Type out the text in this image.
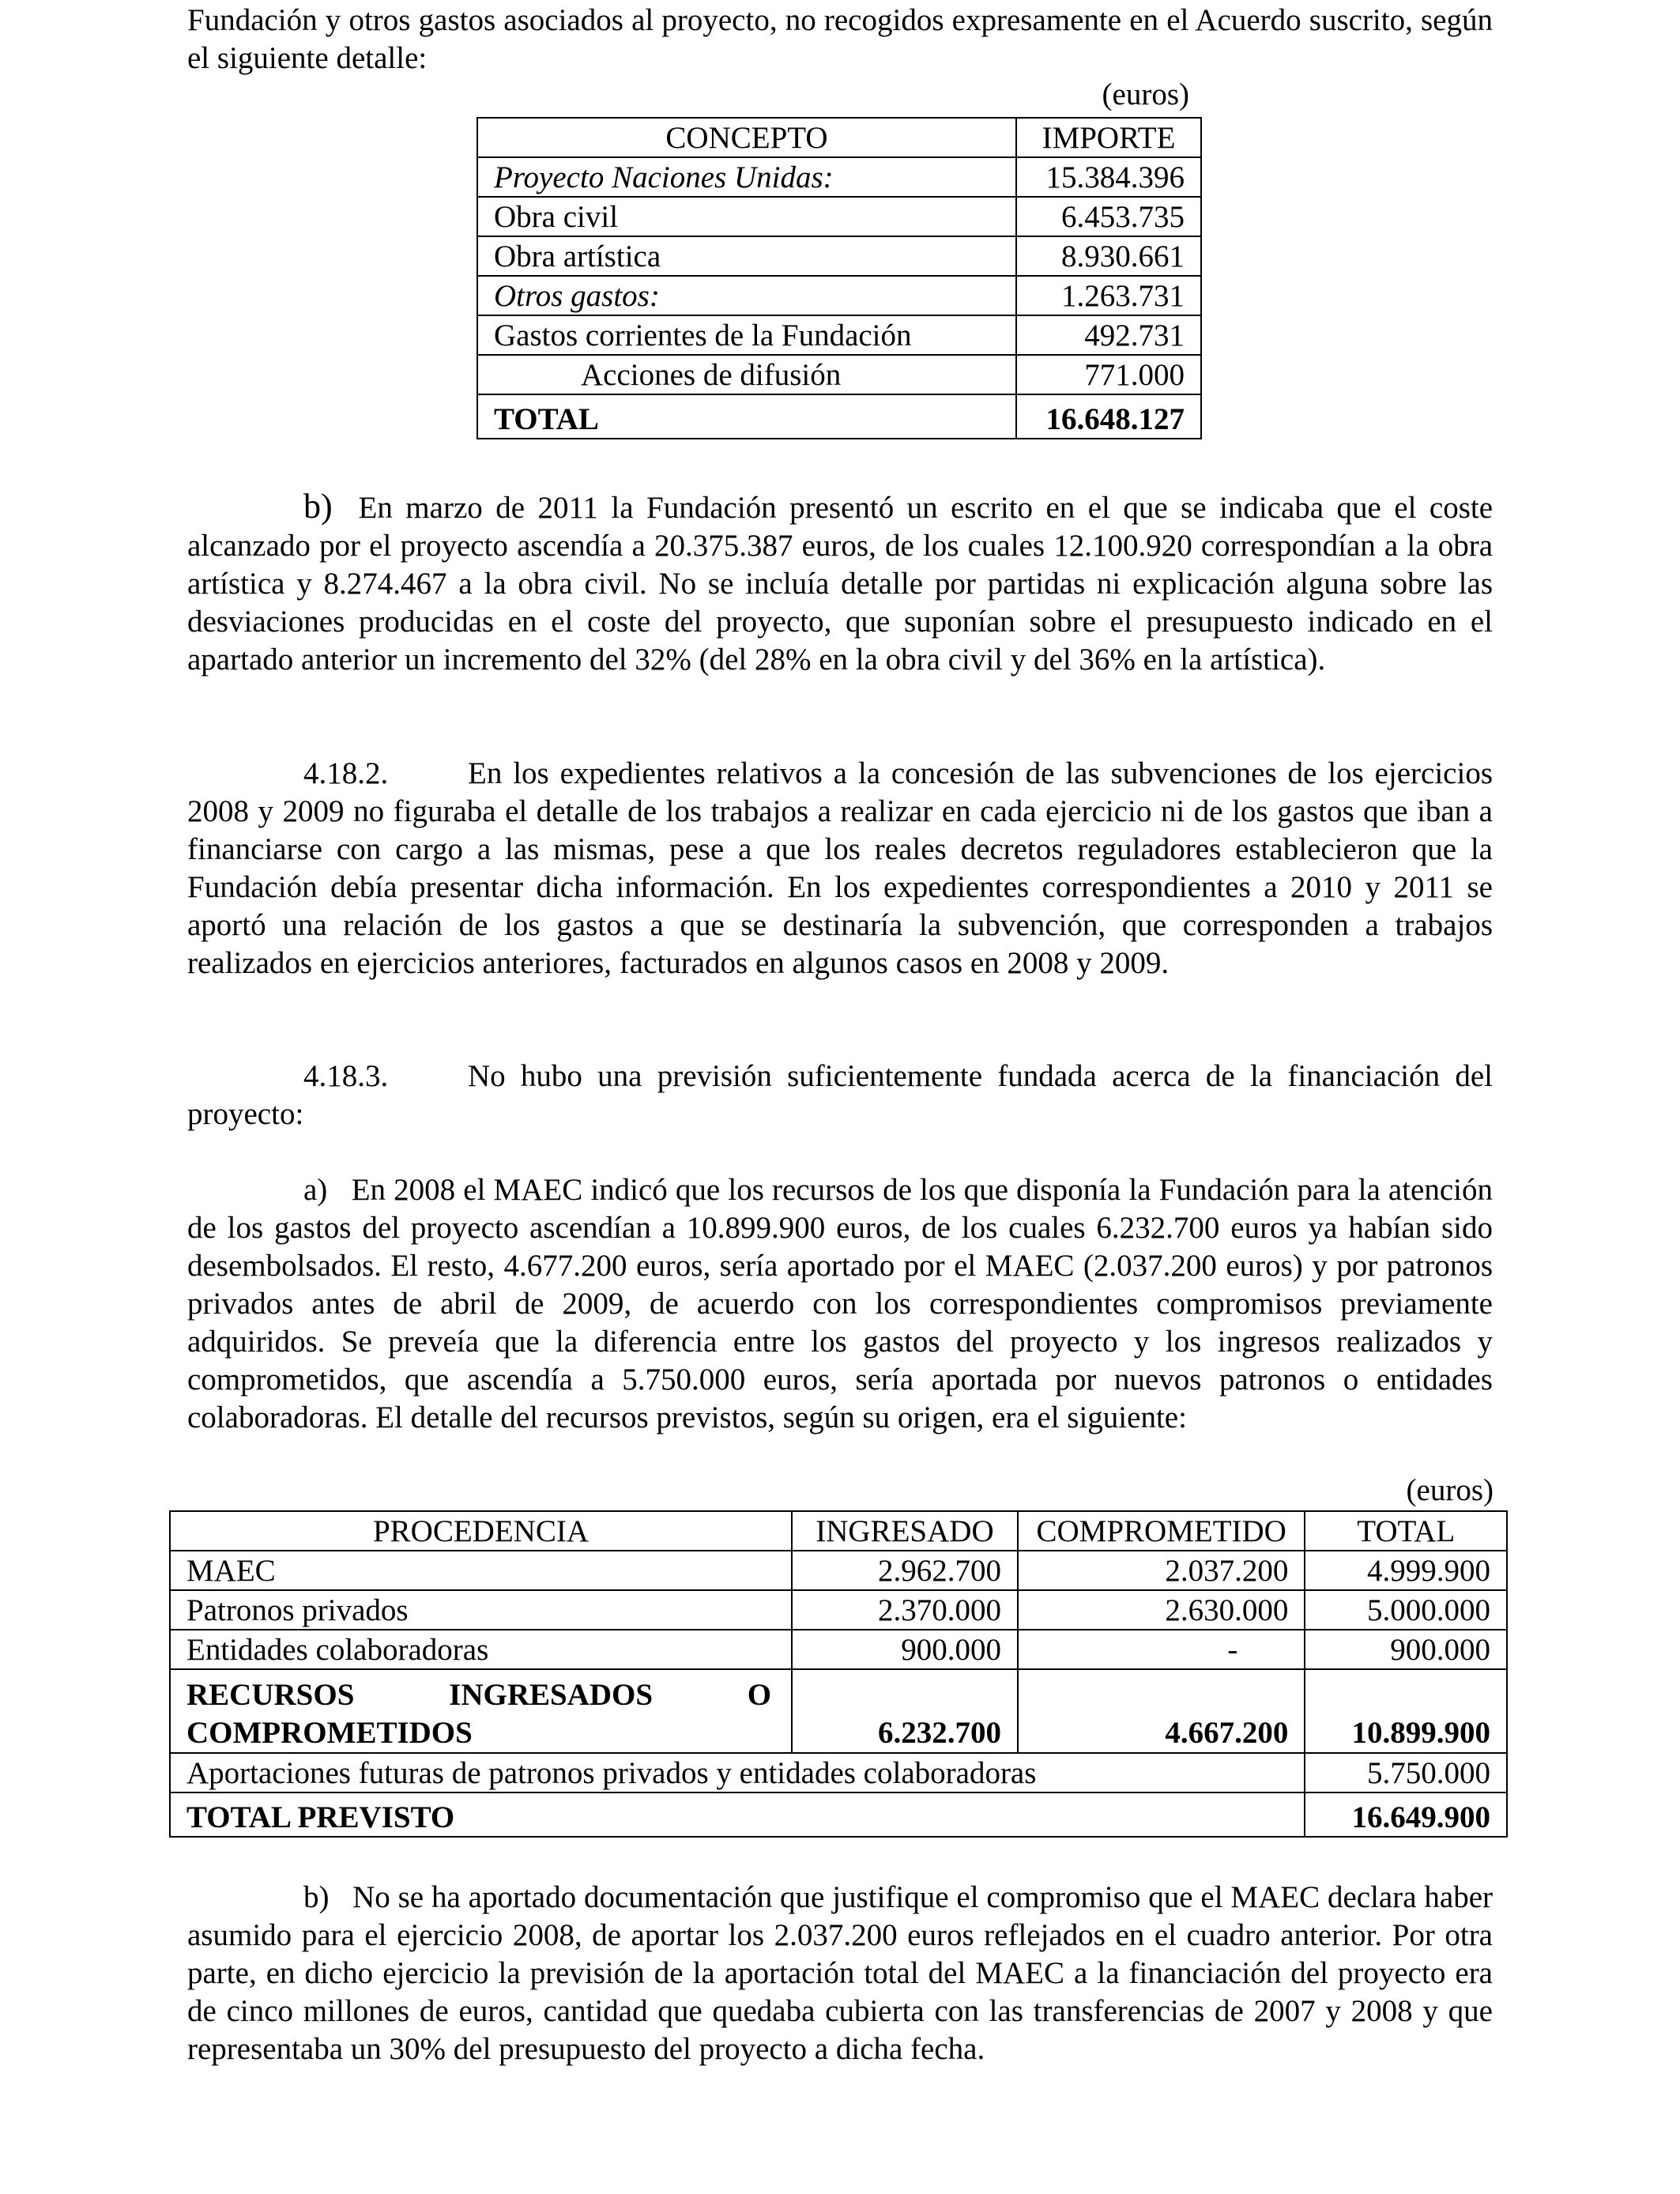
Fundación y otros gastos asociados al proyecto, no recogidos expresamente en el Acuerdo suscrito, según el siguiente detalle:

(euros)
CONCEPTO	IMPORTE
Proyecto Naciones Unidas:	15.384.396
Obra civil	6.453.735
Obra artística	8.930.661
Otros gastos:	1.263.731
Gastos corrientes de la Fundación	492.731
Acciones de difusión	771.000
TOTAL	16.648.127

b) En marzo de 2011 la Fundación presentó un escrito en el que se indicaba que el coste alcanzado por el proyecto ascendía a 20.375.387 euros, de los cuales 12.100.920 correspondían a la obra artística y 8.274.467 a la obra civil. No se incluía detalle por partidas ni explicación alguna sobre las desviaciones producidas en el coste del proyecto, que suponían sobre el presupuesto indicado en el apartado anterior un incremento del 32% (del 28% en la obra civil y del 36% en la artística).

4.18.2.	En los expedientes relativos a la concesión de las subvenciones de los ejercicios 2008 y 2009 no figuraba el detalle de los trabajos a realizar en cada ejercicio ni de los gastos que iban a financiarse con cargo a las mismas, pese a que los reales decretos reguladores establecieron que la Fundación debía presentar dicha información. En los expedientes correspondientes a 2010 y 2011 se aportó una relación de los gastos a que se destinaría la subvención, que corresponden a trabajos realizados en ejercicios anteriores, facturados en algunos casos en 2008 y 2009.

4.18.3.	No hubo una previsión suficientemente fundada acerca de la financiación del proyecto:

a) En 2008 el MAEC indicó que los recursos de los que disponía la Fundación para la atención de los gastos del proyecto ascendían a 10.899.900 euros, de los cuales 6.232.700 euros ya habían sido desembolsados. El resto, 4.677.200 euros, sería aportado por el MAEC (2.037.200 euros) y por patronos privados antes de abril de 2009, de acuerdo con los correspondientes compromisos previamente adquiridos. Se preveía que la diferencia entre los gastos del proyecto y los ingresos realizados y comprometidos, que ascendía a 5.750.000 euros, sería aportada por nuevos patronos o entidades colaboradoras. El detalle del recursos previstos, según su origen, era el siguiente:

(euros)
PROCEDENCIA	INGRESADO	COMPROMETIDO	TOTAL
MAEC	2.962.700	2.037.200	4.999.900
Patronos privados	2.370.000	2.630.000	5.000.000
Entidades colaboradoras	900.000	-	900.000

RECURSOS INGRESADOS O
COMPROMETIDOS	6.232.700	4.667.200	10.899.900
Aportaciones futuras de patronos privados y entidades colaboradoras			5.750.000
TOTAL PREVISTO			16.649.900

b) No se ha aportado documentación que justifique el compromiso que el MAEC declara haber asumido para el ejercicio 2008, de aportar los 2.037.200 euros reflejados en el cuadro anterior. Por otra parte, en dicho ejercicio la previsión de la aportación total del MAEC a la financiación del proyecto era de cinco millones de euros, cantidad que quedaba cubierta con las transferencias de 2007 y 2008 y que representaba un 30% del presupuesto del proyecto a dicha fecha.
